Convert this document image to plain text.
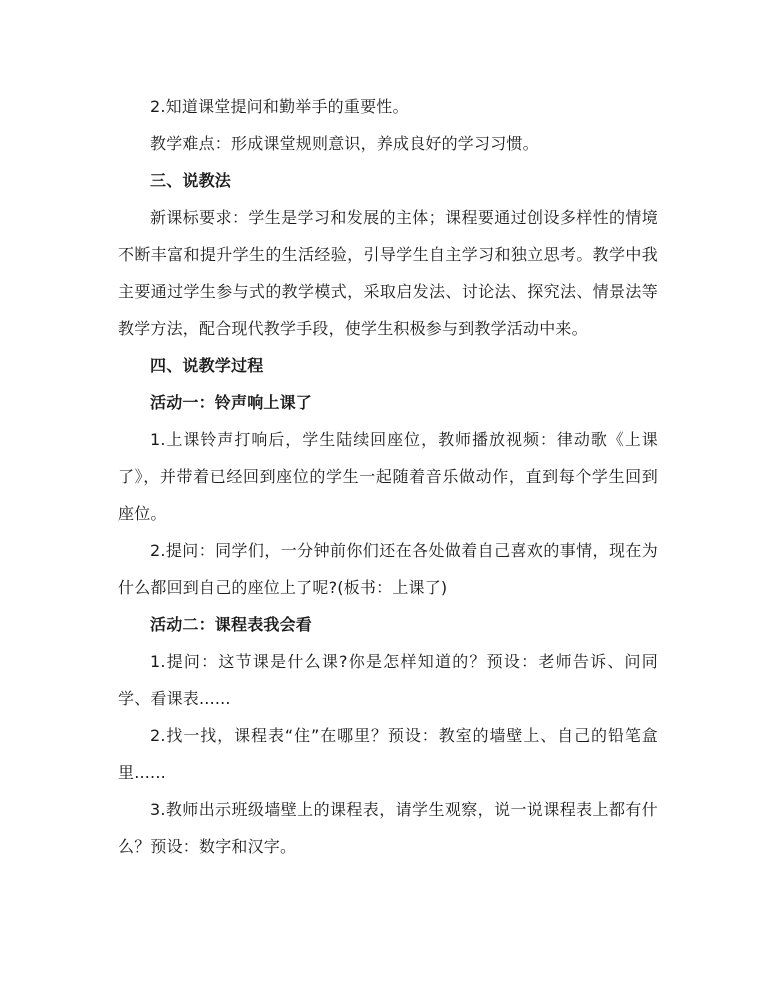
2.知道课堂提问和勤举手的重要性。

教学难点：形成课堂规则意识，养成良好的学习习惯。

三、说教法

新课标要求：学生是学习和发展的主体；课程要通过创设多样性的情境不断丰富和提升学生的生活经验，引导学生自主学习和独立思考。教学中我主要通过学生参与式的教学模式，采取启发法、讨论法、探究法、情景法等教学方法，配合现代教学手段，使学生积极参与到教学活动中来。

四、说教学过程

活动一：铃声响上课了

1.上课铃声打响后，学生陆续回座位，教师播放视频：律动歌《上课了》，并带着已经回到座位的学生一起随着音乐做动作，直到每个学生回到座位。

2.提问：同学们，一分钟前你们还在各处做着自己喜欢的事情，现在为什么都回到自己的座位上了呢?(板书：上课了)

活动二：课程表我会看

1.提问：这节课是什么课?你是怎样知道的？预设：老师告诉、问同学、看课表......

2.找一找，课程表“住”在哪里？预设：教室的墙壁上、自己的铅笔盒里......

3.教师出示班级墙壁上的课程表，请学生观察，说一说课程表上都有什么？预设：数字和汉字。
